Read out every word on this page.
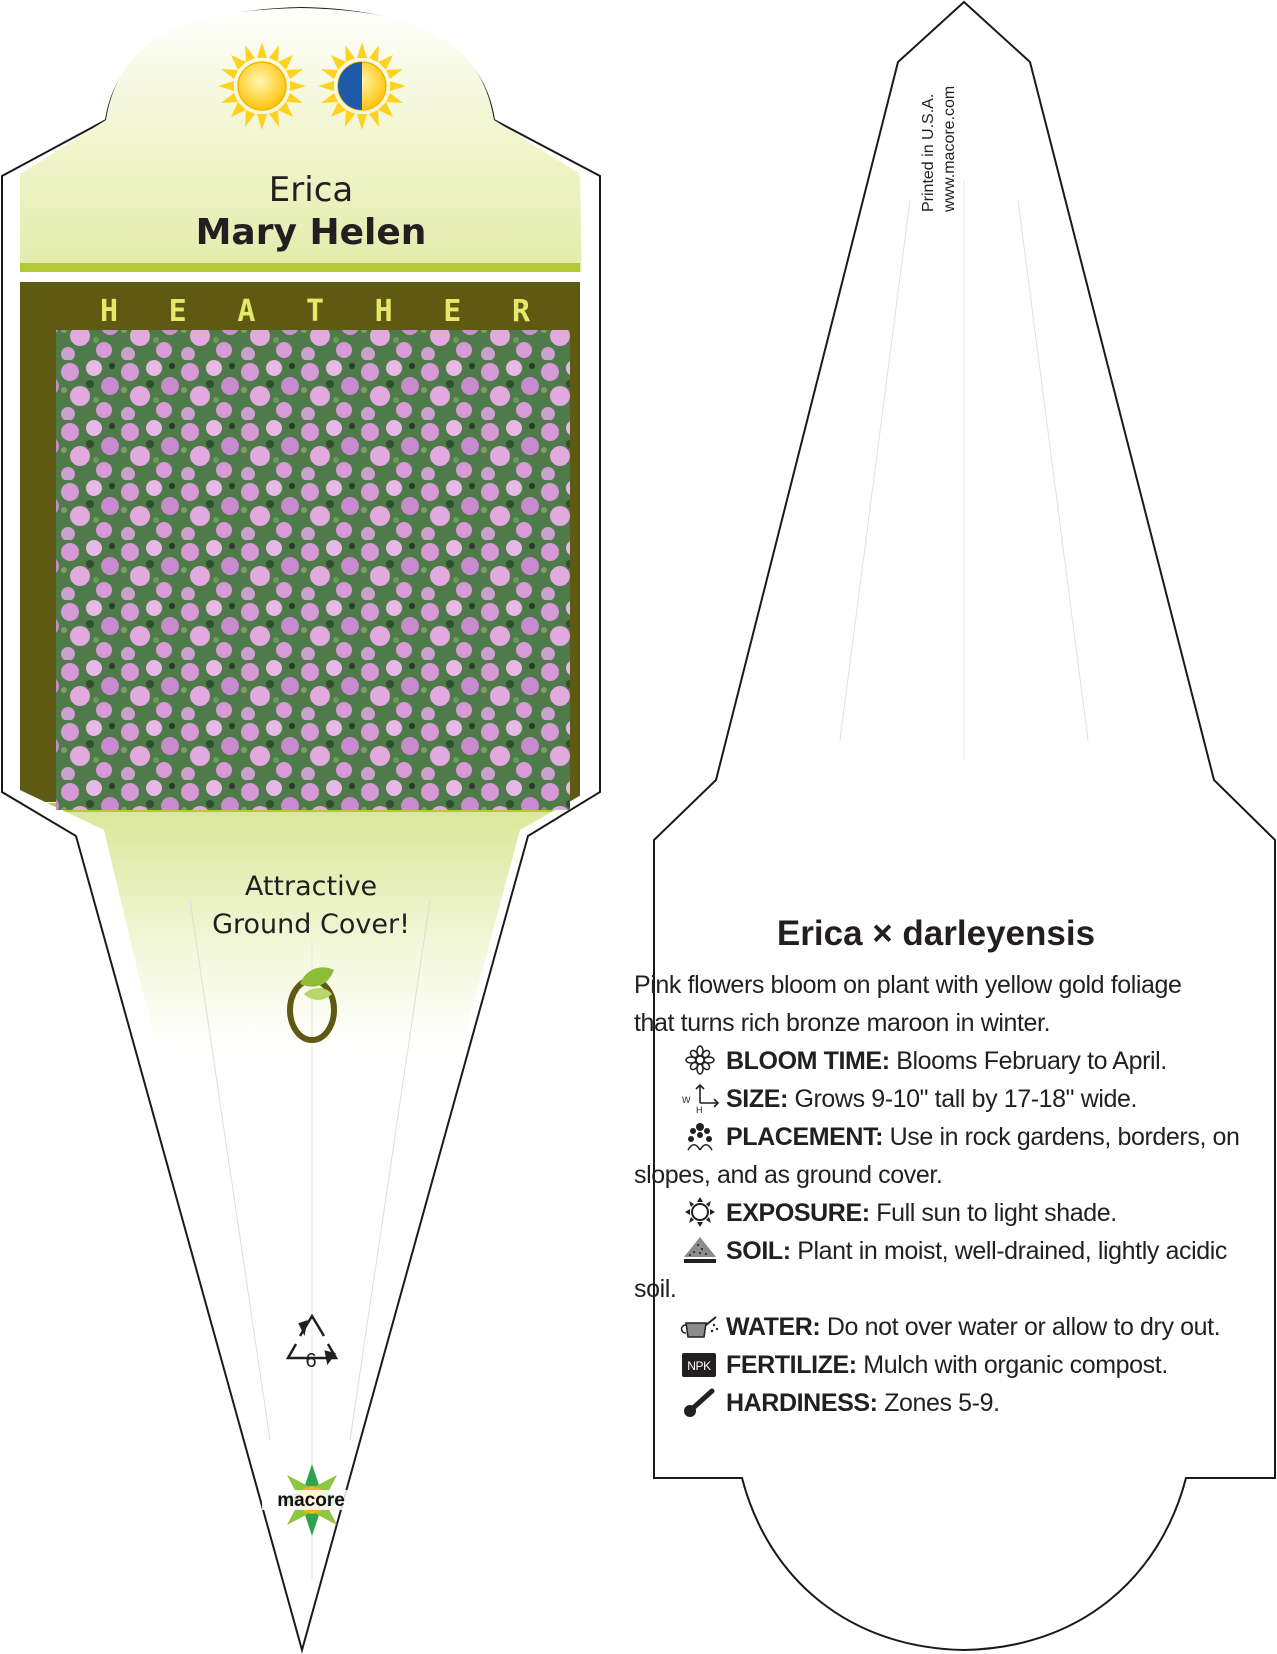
Erica
Mary Helen
H E A T H E R
Attractive
Ground Cover!
6
macore
Printed in U.S.A. www.macore.com
Erica × darleyensis
Pink flowers bloom on plant with yellow gold foliage
that turns rich bronze maroon in winter.
BLOOM TIME: Blooms February to April.
W
H SIZE: Grows 9-10" tall by 17-18" wide.
PLACEMENT: Use in rock gardens, borders, on
slopes, and as ground cover.
EXPOSURE: Full sun to light shade.
SOIL: Plant in moist, well-drained, lightly acidic
soil.
WATER: Do not over water or allow to dry out.
NPK FERTILIZE: Mulch with organic compost.
HARDINESS: Zones 5-9.
